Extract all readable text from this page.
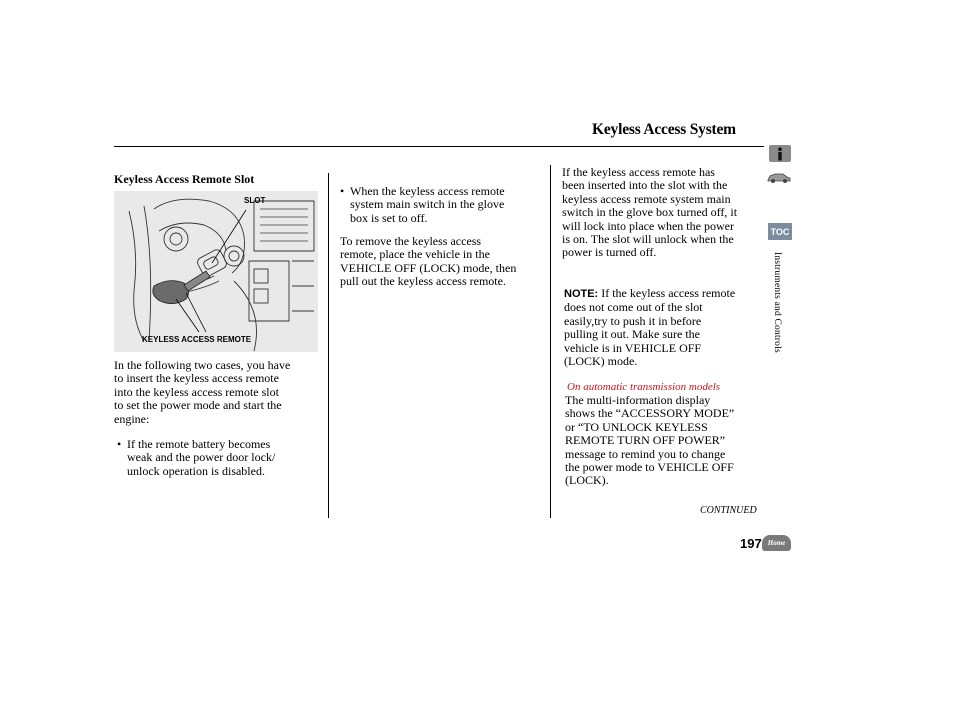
Keyless Access System
Keyless Access Remote Slot
SLOT
KEYLESS ACCESS REMOTE
In the following two cases, you have
to insert the keyless access remote
into the keyless access remote slot
to set the power mode and start the
engine:
• If the remote battery becomes
weak and the power door lock/
unlock operation is disabled.
• When the keyless access remote
system main switch in the glove
box is set to off.
To remove the keyless access
remote, place the vehicle in the
VEHICLE OFF (LOCK) mode, then
pull out the keyless access remote.
If the keyless access remote has
been inserted into the slot with the
keyless access remote system main
switch in the glove box turned off, it
will lock into place when the power
is on. The slot will unlock when the
power is turned off.
NOTE: If the keyless access remote
does not come out of the slot
easily,try to push it in before
pulling it out. Make sure the
vehicle is in VEHICLE OFF
(LOCK) mode.
On automatic transmission models
The multi-information display
shows the “ACCESSORY MODE”
or “TO UNLOCK KEYLESS
REMOTE TURN OFF POWER”
message to remind you to change
the power mode to VEHICLE OFF
(LOCK).
TOC
Instruments and Controls
CONTINUED
197 Home
